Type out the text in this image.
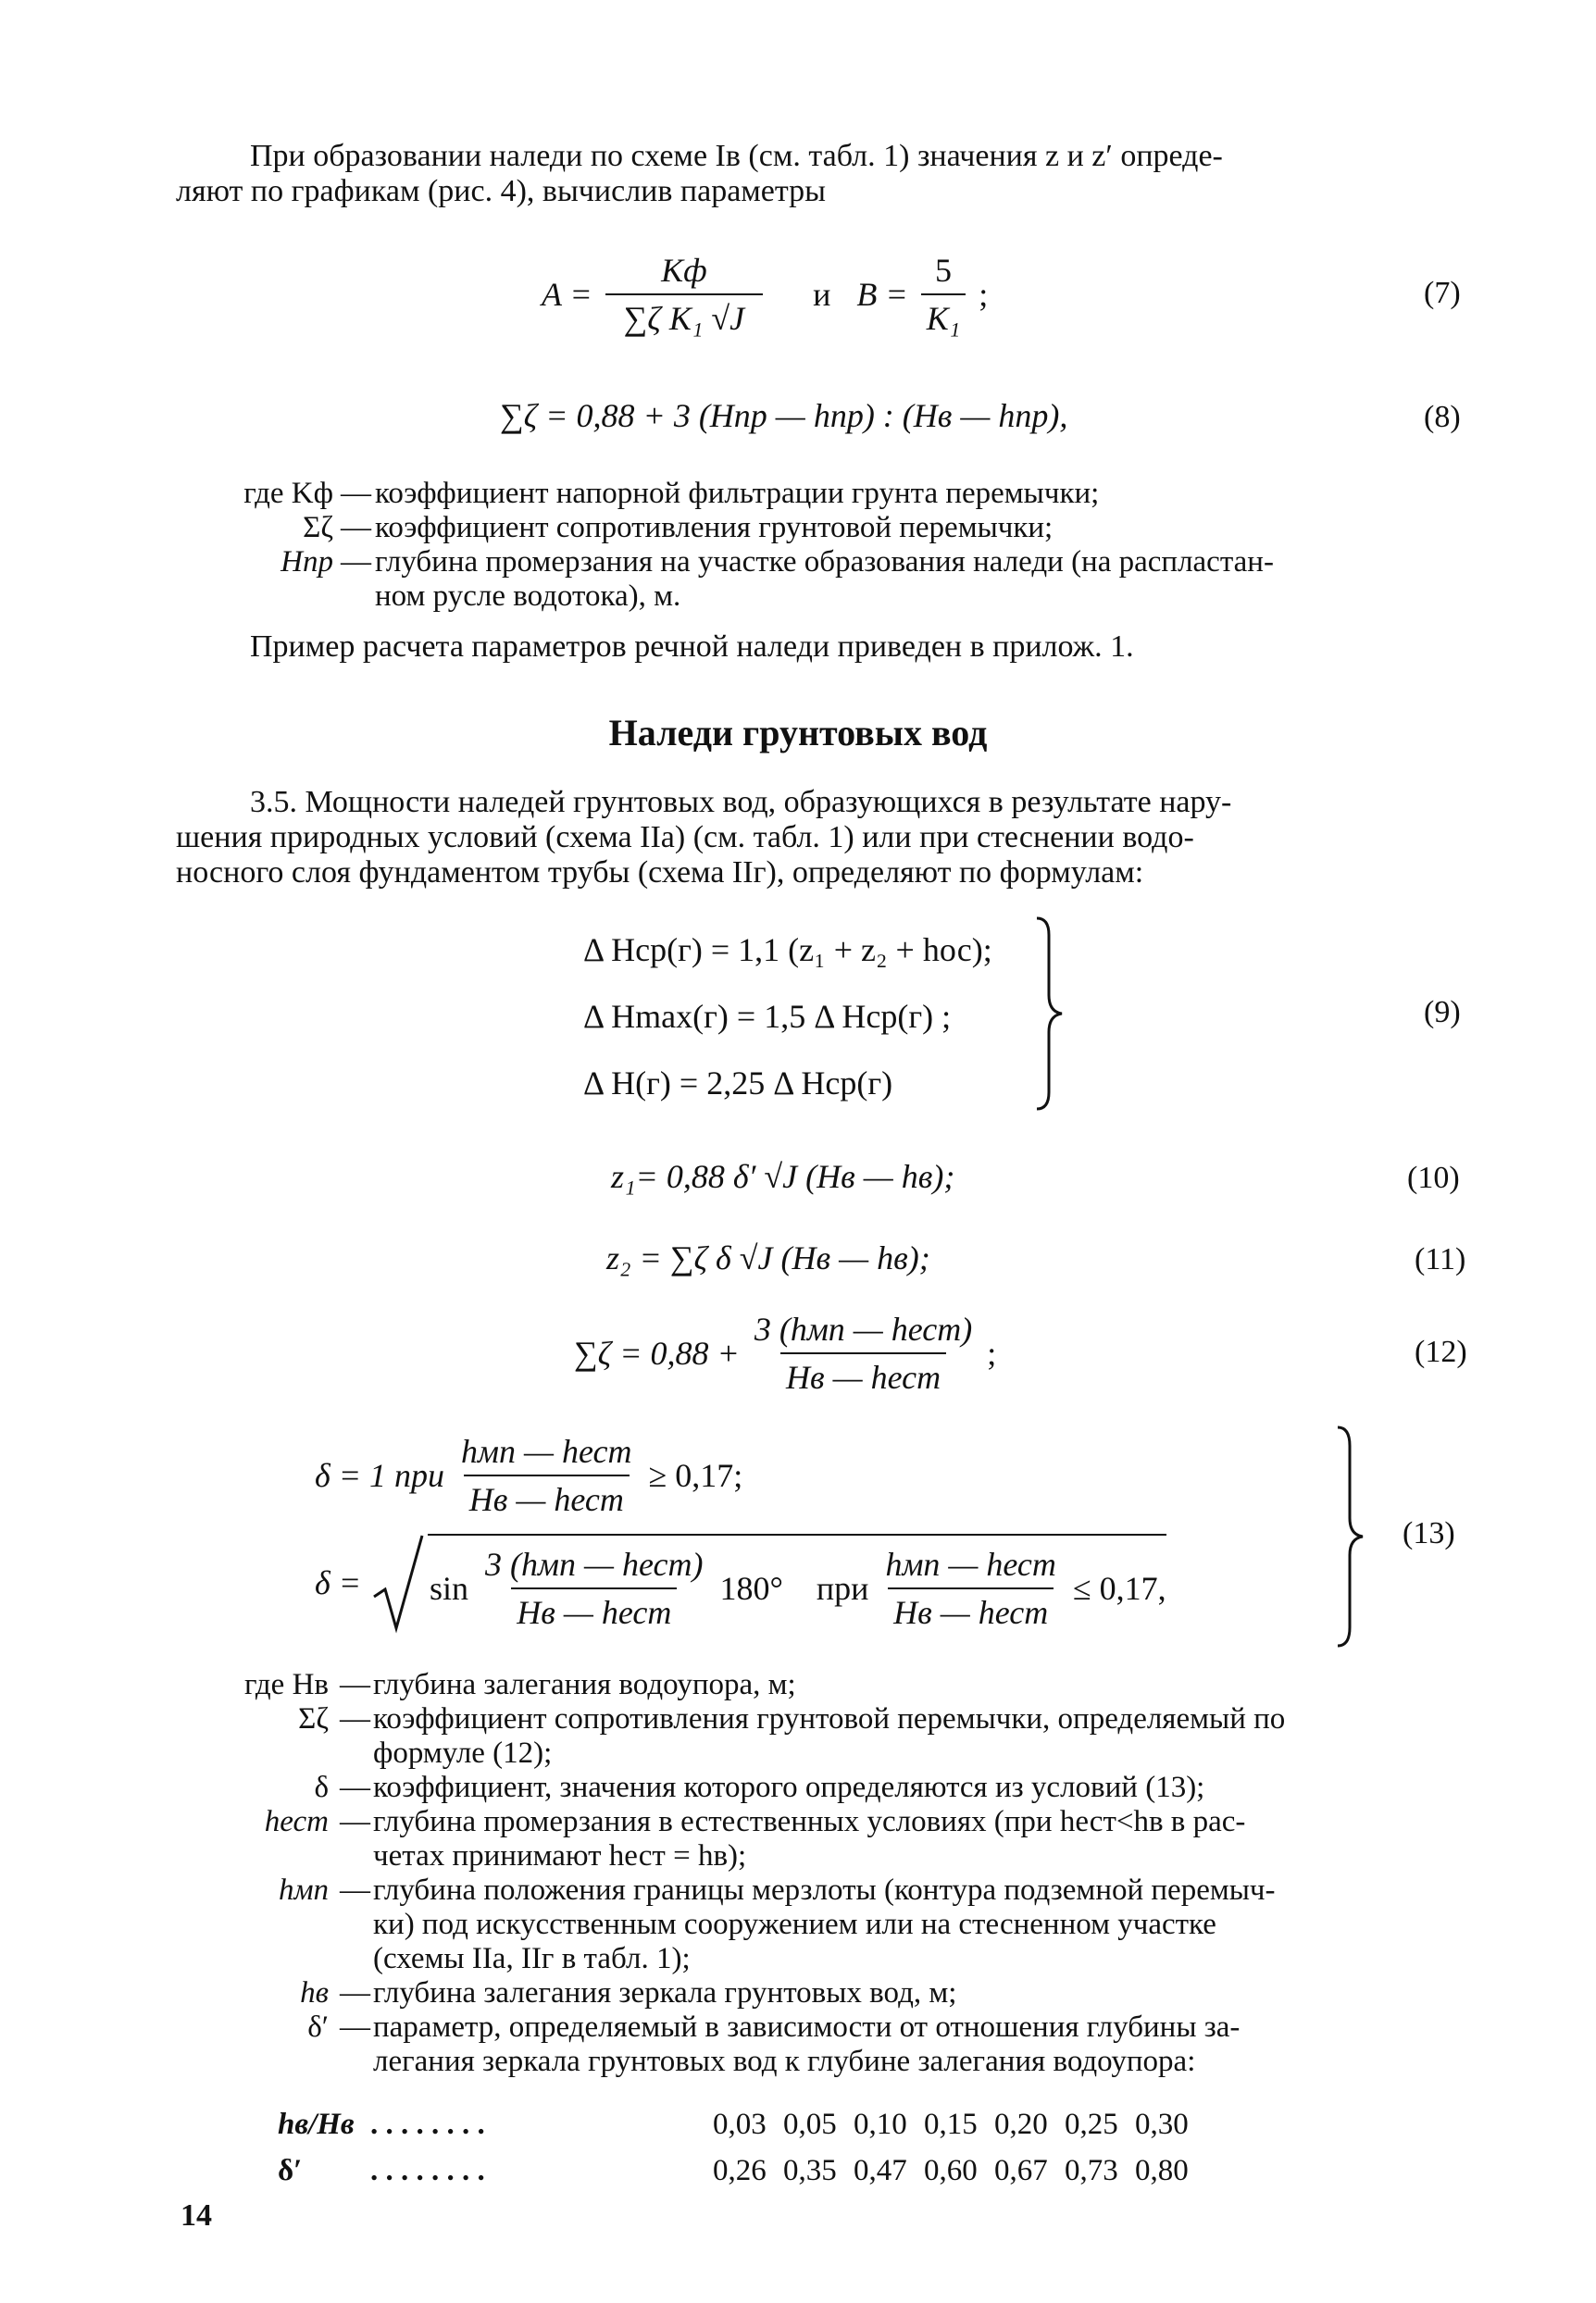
При образовании наледи по схеме Iв (см. табл. 1) значения z и z′ опреде-
ляют по графикам (рис. 4), вычислив параметры
$A = \frac{Kф}{\text{∑ζ K₁ √J}}$ и $B = \frac{5}{\text{K₁}}$ ;	(7)
∑ζ = 0,88 + 3 (Hпр — hпр) : (Hв — hпр),	(8)
где Kф — коэффициент напорной фильтрации грунта перемычки;
Σζ — коэффициент сопротивления грунтовой перемычки;
Hпр — глубина промерзания на участке образования наледи (на распластан-
ном русле водотока), м.
Пример расчета параметров речной наледи приведен в прилож. 1.
Наледи грунтовых вод
3.5. Мощности наледей грунтовых вод, образующихся в результате нару-
шения природных условий (схема IIа) (см. табл. 1) или при стеснении водо-
носного слоя фундаментом трубы (схема IIг), определяют по формулам:
Δ Hср(г) = 1,1 (z₁ + z₂ + hос);
Δ Hmax(г) = 1,5 Δ Hср(г) ;
Δ H(г) = 2,25 Δ Hср(г)
(9)
z₁= 0,88 δ′ √J (Hв — hв);	(10)
z₂ = ∑ζ δ √J (Hв — hв);	(11)
$\sum\zeta = 0,88 + \frac{\text{3 (hмп — hест)}}{\text{Hв — hест}}$ ;	(12)
δ = 1 при $\frac{\text{hмп — hест}}{\text{Hв — hест}} \ge 0,17$;
$\delta = \sin \frac{\text{3 (hмп — hест)}}{\text{Hв — hест}} 180^\circ$ при $\frac{\text{hмп — hест}}{\text{Hв — hест}} \le 0,17$,
(13)
где Hв — глубина залегания водоупора, м;
Σζ — коэффициент сопротивления грунтовой перемычки, определяемый по
формуле (12);
δ — коэффициент, значения которого определяются из условий (13);
hест — глубина промерзания в естественных условиях (при hест<hв в рас-
четах принимают hест = hв);
hмп — глубина положения границы мерзлоты (контура подземной перемыч-
ки) под искусственным сооружением или на стесненном участке
(схемы IIа, IIг в табл. 1);
hв — глубина залегания зеркала грунтовых вод, м;
δ′ — параметр, определяемый в зависимости от отношения глубины за-
легания зеркала грунтовых вод к глубине залегания водоупора:
hв/Hв . . . . . . . .	0,03 0,05 0,10 0,15 0,20 0,25 0,30
δ′	. . . . . . . .	0,26 0,35 0,47 0,60 0,67 0,73 0,80
14
